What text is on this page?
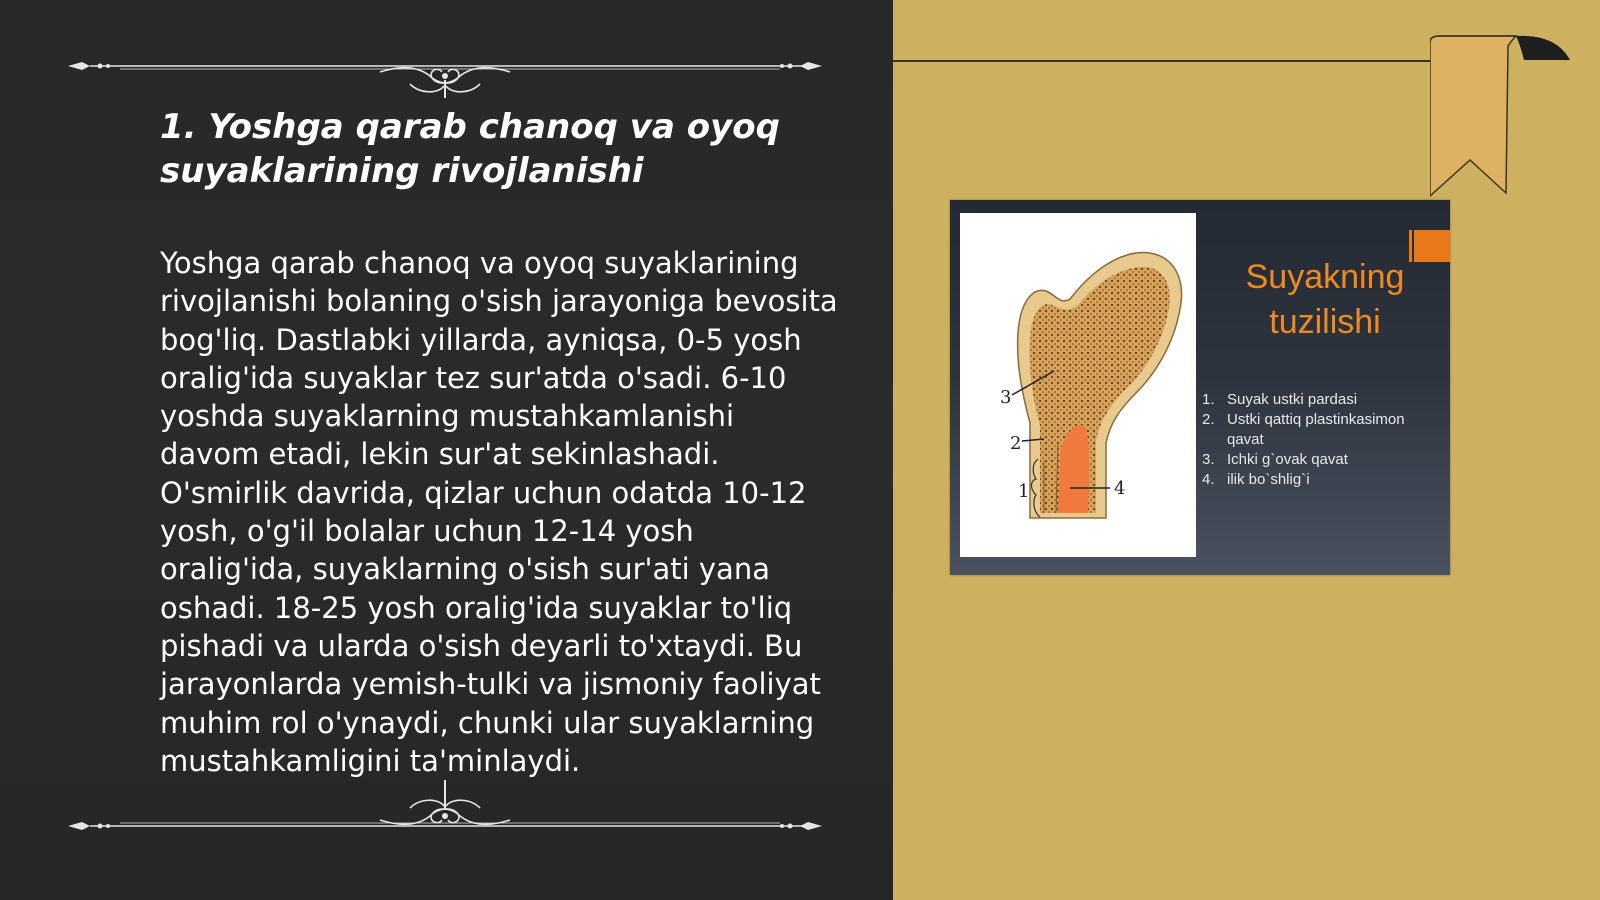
1. Yoshga qarab chanoq va oyoq suyaklarining rivojlanishi

Yoshga qarab chanoq va oyoq suyaklarining rivojlanishi bolaning o'sish jarayoniga bevosita bog'liq. Dastlabki yillarda, ayniqsa, 0-5 yosh oralig'ida suyaklar tez sur'atda o'sadi. 6-10 yoshda suyaklarning mustahkamlanishi davom etadi, lekin sur'at sekinlashadi. O'smirlik davrida, qizlar uchun odatda 10-12 yosh, o'g'il bolalar uchun 12-14 yosh oralig'ida, suyaklarning o'sish sur'ati yana oshadi. 18-25 yosh oralig'ida suyaklar to'liq pishadi va ularda o'sish deyarli to'xtaydi. Bu jarayonlarda yemish-tulki va jismoniy faoliyat muhim rol o'ynaydi, chunki ular suyaklarning mustahkamligini ta'minlaydi.

3
2
1	4
Suyakning
tuzilishi
1. Suyak ustki pardasi
2. Ustki qattiq plastinkasimon qavat
3. Ichki g`ovak qavat
4. ilik bo`shlig`i
